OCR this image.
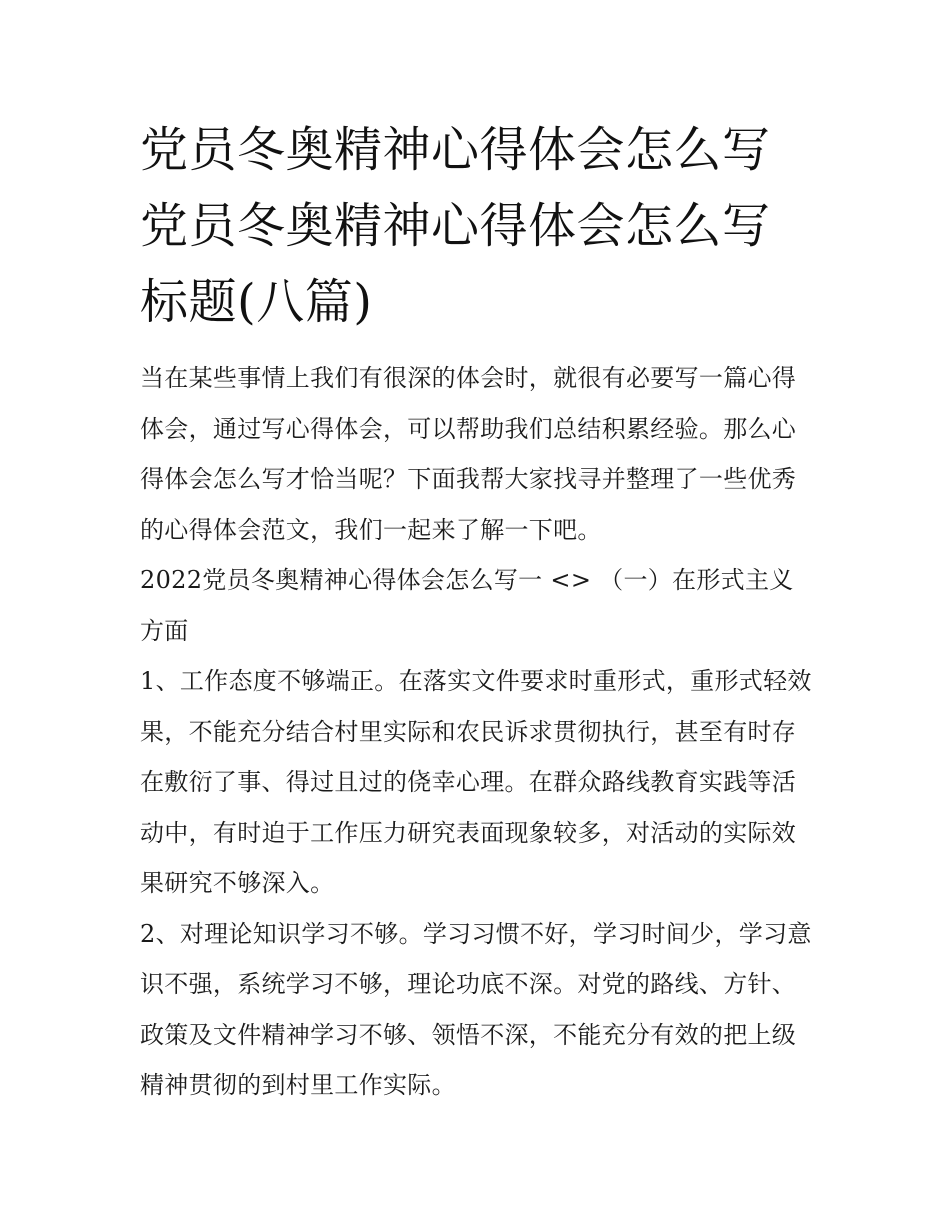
党员冬奥精神心得体会怎么写党员冬奥精神心得体会怎么写标题(八篇)

当在某些事情上我们有很深的体会时，就很有必要写一篇心得体会，通过写心得体会，可以帮助我们总结积累经验。那么心得体会怎么写才恰当呢？下面我帮大家找寻并整理了一些优秀的心得体会范文，我们一起来了解一下吧。

2022党员冬奥精神心得体会怎么写一 <> （一）在形式主义方面

1、工作态度不够端正。在落实文件要求时重形式，重形式轻效果，不能充分结合村里实际和农民诉求贯彻执行，甚至有时存在敷衍了事、得过且过的侥幸心理。在群众路线教育实践等活动中，有时迫于工作压力研究表面现象较多，对活动的实际效果研究不够深入。

2、对理论知识学习不够。学习习惯不好，学习时间少，学习意识不强，系统学习不够，理论功底不深。对党的路线、方针、政策及文件精神学习不够、领悟不深，不能充分有效的把上级精神贯彻的到村里工作实际。
